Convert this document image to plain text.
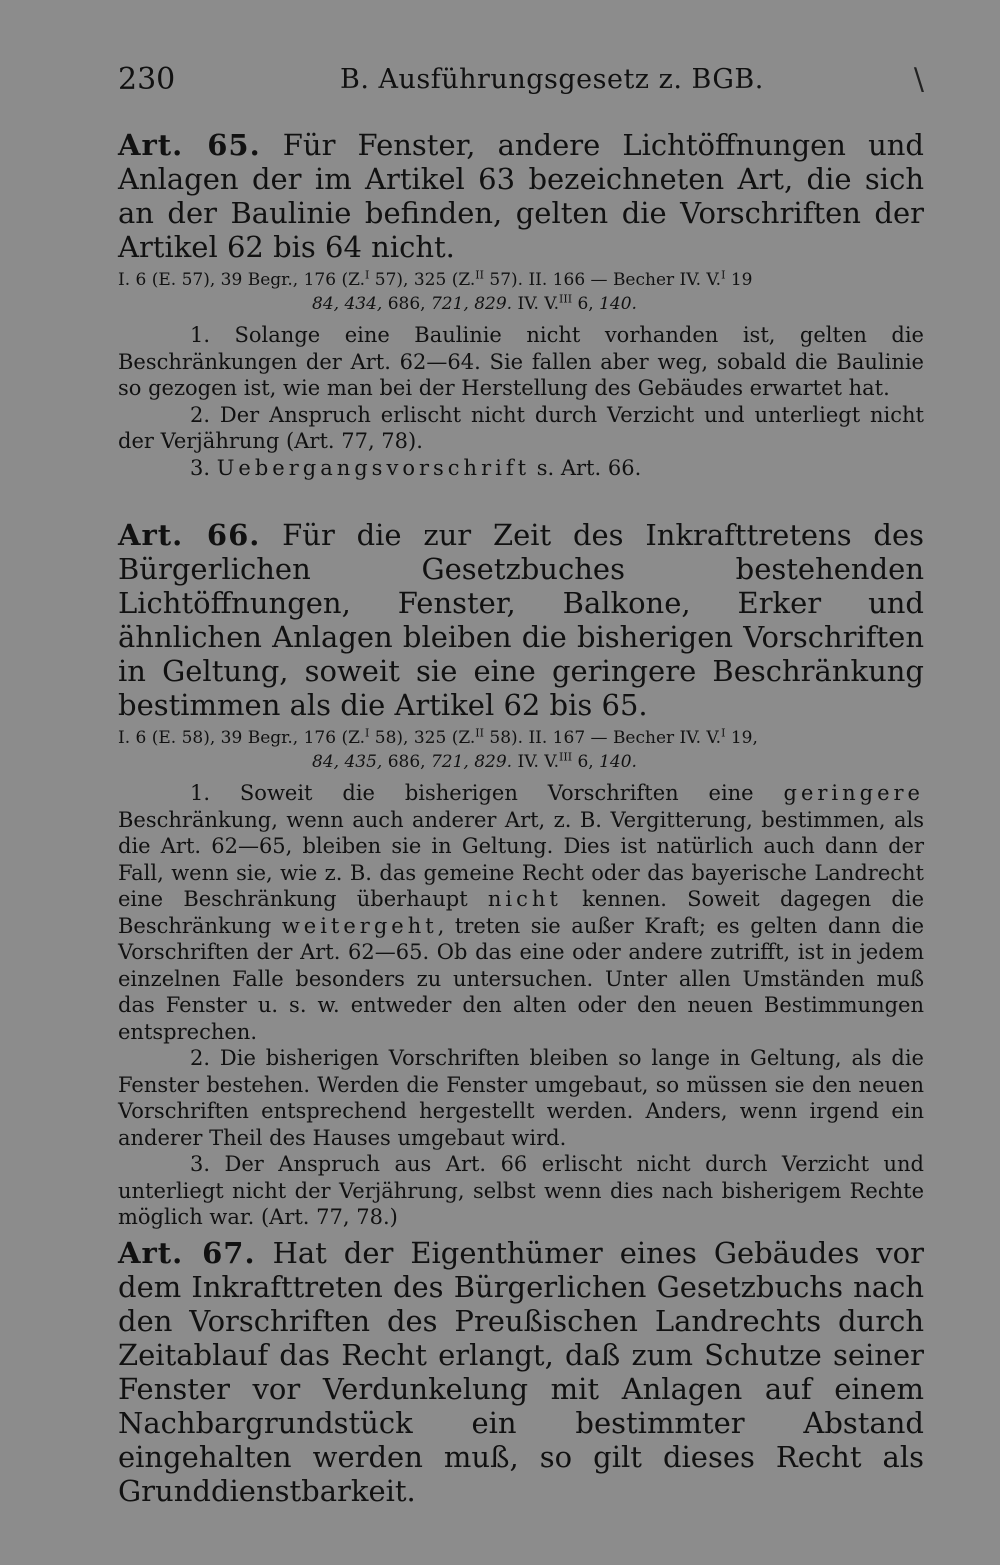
230	B. Ausführungsgesetz z. BGB.	\

Art. 65. Für Fenster, andere Lichtöffnungen und Anlagen der im Artikel 63 bezeichneten Art, die sich an der Baulinie befinden, gelten die Vorschriften der Artikel 62 bis 64 nicht.

I. 6 (E. 57), 39 Begr., 176 (Z.$^I$ 57), 325 (Z.$^{II}$ 57). II. 166 — Becher IV. V.$^I$ 19
84, 434, 686, 721, 829. IV. V.$^{III}$ 6, 140.

1. Solange eine Baulinie nicht vorhanden ist, gelten die Beschränkungen der Art. 62—64. Sie fallen aber weg, sobald die Baulinie so gezogen ist, wie man bei der Herstellung des Gebäudes erwartet hat.

2. Der Anspruch erlischt nicht durch Verzicht und unterliegt nicht der Verjährung (Art. 77, 78).

3. Uebergangsvorschrift s. Art. 66.

Art. 66. Für die zur Zeit des Inkrafttretens des Bürgerlichen Gesetzbuches bestehenden Lichtöffnungen, Fenster, Balkone, Erker und ähnlichen Anlagen bleiben die bisherigen Vorschriften in Geltung, soweit sie eine geringere Beschränkung bestimmen als die Artikel 62 bis 65.

I. 6 (E. 58), 39 Begr., 176 (Z.$^I$ 58), 325 (Z.$^{II}$ 58). II. 167 — Becher IV. V.$^I$ 19,
84, 435, 686, 721, 829. IV. V.$^{III}$ 6, 140.

1. Soweit die bisherigen Vorschriften eine geringere Beschränkung, wenn auch anderer Art, z. B. Vergitterung, bestimmen, als die Art. 62—65, bleiben sie in Geltung. Dies ist natürlich auch dann der Fall, wenn sie, wie z. B. das gemeine Recht oder das bayerische Landrecht eine Beschränkung überhaupt nicht kennen. Soweit dagegen die Beschränkung weitergeht, treten sie außer Kraft; es gelten dann die Vorschriften der Art. 62—65. Ob das eine oder andere zutrifft, ist in jedem einzelnen Falle besonders zu untersuchen. Unter allen Umständen muß das Fenster u. s. w. entweder den alten oder den neuen Bestimmungen entsprechen.

2. Die bisherigen Vorschriften bleiben so lange in Geltung, als die Fenster bestehen. Werden die Fenster umgebaut, so müssen sie den neuen Vorschriften entsprechend hergestellt werden. Anders, wenn irgend ein anderer Theil des Hauses umgebaut wird.

3. Der Anspruch aus Art. 66 erlischt nicht durch Verzicht und unterliegt nicht der Verjährung, selbst wenn dies nach bisherigem Rechte möglich war. (Art. 77, 78.)

Art. 67. Hat der Eigenthümer eines Gebäudes vor dem Inkrafttreten des Bürgerlichen Gesetzbuchs nach den Vorschriften des Preußischen Landrechts durch Zeitablauf das Recht erlangt, daß zum Schutze seiner Fenster vor Verdunkelung mit Anlagen auf einem Nachbargrundstück ein bestimmter Abstand eingehalten werden muß, so gilt dieses Recht als Grunddienstbarkeit.
